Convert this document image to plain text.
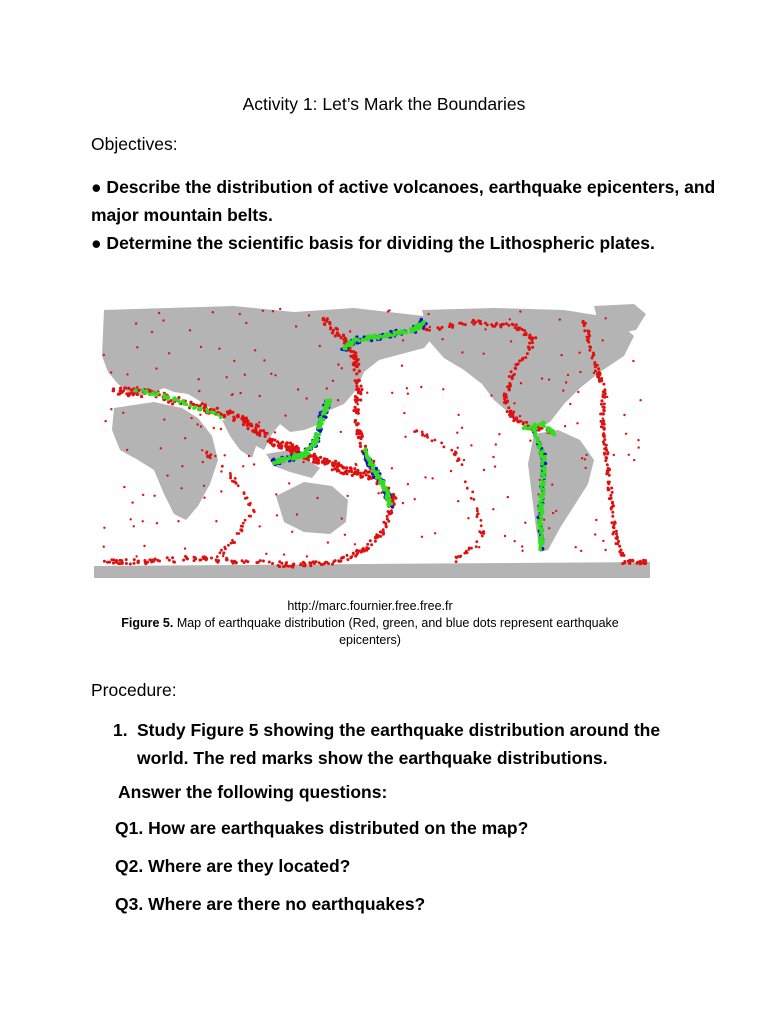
Activity 1: Let’s Mark the Boundaries
Objectives:
● Describe the distribution of active volcanoes, earthquake epicenters, and major mountain belts.
● Determine the scientific basis for dividing the Lithospheric plates.
http://marc.fournier.free.free.fr
Figure 5. Map of earthquake distribution (Red, green, and blue dots represent earthquake epicenters)
Procedure:
1. Study Figure 5 showing the earthquake distribution around the world. The red marks show the earthquake distributions.
Answer the following questions:
Q1. How are earthquakes distributed on the map?
Q2. Where are they located?
Q3. Where are there no earthquakes?
